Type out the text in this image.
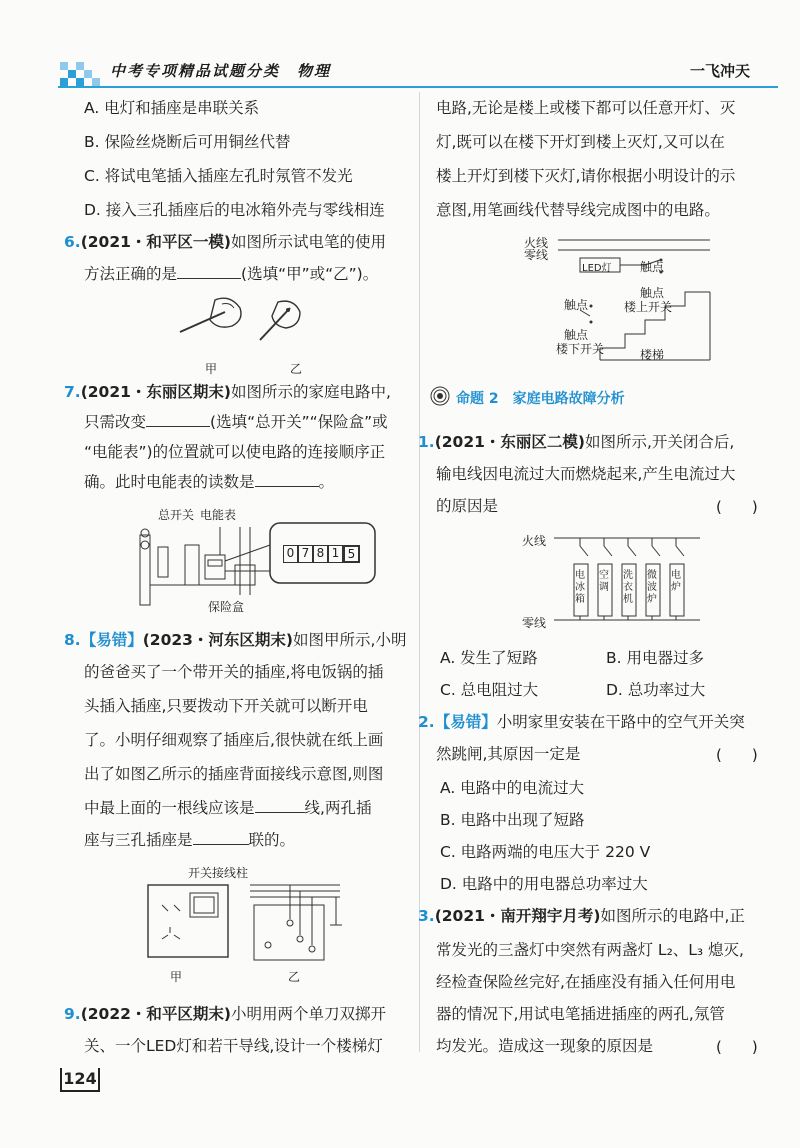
中考专项精品试题分类　物理	一飞冲天
A. 电灯和插座是串联关系
B. 保险丝烧断后可用铜丝代替
C. 将试电笔插入插座左孔时氖管不发光
D. 接入三孔插座后的电冰箱外壳与零线相连
6.(2021・和平区一模)如图所示试电笔的使用
方法正确的是	(选填“甲”或“乙”)。
甲	乙
7.(2021・东丽区期末)如图所示的家庭电路中,
只需改变	(选填“总开关”“保险盒”或
“电能表”)的位置就可以使电路的连接顺序正
确。此时电能表的读数是	。
总开关 电能表
保险盒
0 7 8 1 5
8.【易错】(2023・河东区期末)如图甲所示,小明
的爸爸买了一个带开关的插座,将电饭锅的插
头插入插座,只要拨动下开关就可以断开电
了。小明仔细观察了插座后,很快就在纸上画
出了如图乙所示的插座背面接线示意图,则图
中最上面的一根线应该是	线,两孔插
座与三孔插座是	联的。
开关接线柱
甲	乙
9.(2022・和平区期末)小明用两个单刀双掷开
关、一个LED灯和若干导线,设计一个楼梯灯
124
电路,无论是楼上或楼下都可以任意开灯、灭
灯,既可以在楼下开灯到楼上灭灯,又可以在
楼上开灯到楼下灭灯,请你根据小明设计的示
意图,用笔画线代替导线完成图中的电路。
火线
零线
LED灯 触点
触点
楼上开关
触点
触点
楼下开关	楼梯
命题 2　家庭电路故障分析
1.(2021・东丽区二模)如图所示,开关闭合后,
输电线因电流过大而燃烧起来,产生电流过大
的原因是	(　　)
火线
零线
电冰箱
空调
洗衣机
微波炉
电炉
A. 发生了短路	B. 用电器过多
C. 总电阻过大	D. 总功率过大
2.【易错】小明家里安装在干路中的空气开关突
然跳闸,其原因一定是	(　　)
A. 电路中的电流过大
B. 电路中出现了短路
C. 电路两端的电压大于 220 V
D. 电路中的用电器总功率过大
3.(2021・南开翔宇月考)如图所示的电路中,正
常发光的三盏灯中突然有两盏灯 L₂、L₃ 熄灭,
经检查保险丝完好,在插座没有插入任何用电
器的情况下,用试电笔插进插座的两孔,氖管
均发光。造成这一现象的原因是	(　　)
